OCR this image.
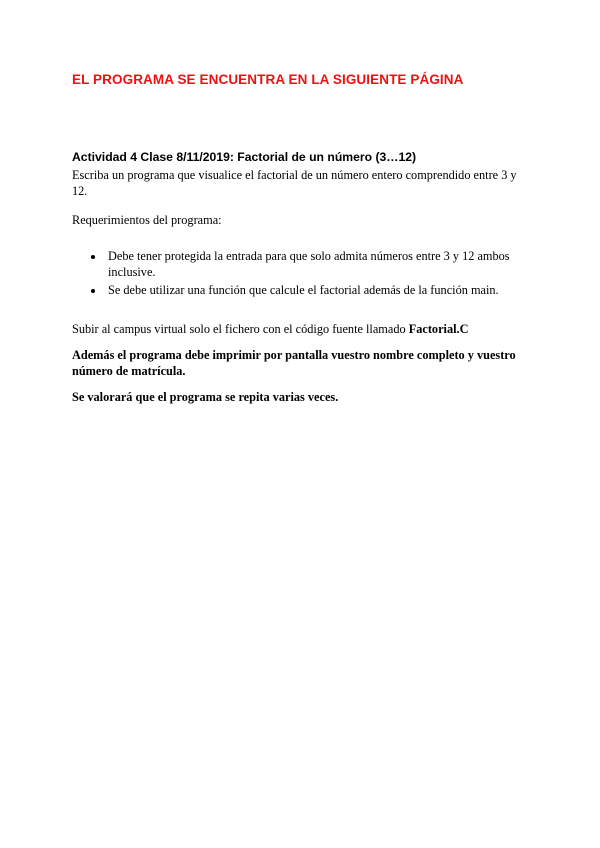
EL PROGRAMA SE ENCUENTRA EN LA SIGUIENTE PÁGINA

Actividad 4 Clase 8/11/2019: Factorial de un número (3…12)

Escriba un programa que visualice el factorial de un número entero comprendido entre 3 y 12.

Requerimientos del programa:

Debe tener protegida la entrada para que solo admita números entre 3 y 12 ambos inclusive.
Se debe utilizar una función que calcule el factorial además de la función main.

Subir al campus virtual solo el fichero con el código fuente llamado Factorial.C

Además el programa debe imprimir por pantalla vuestro nombre completo y vuestro número de matrícula.

Se valorará que el programa se repita varias veces.
